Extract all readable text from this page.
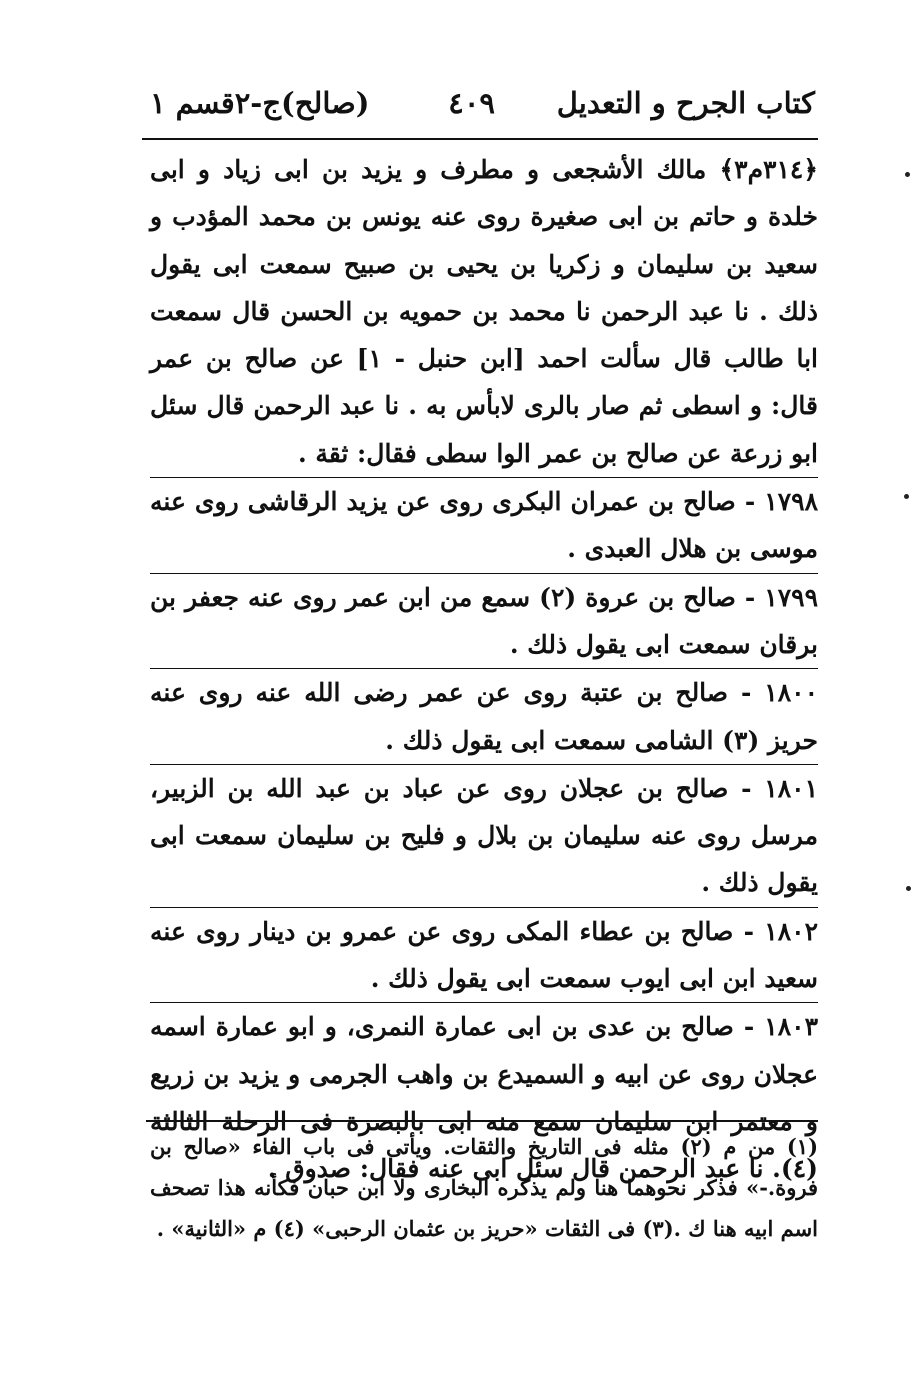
كتاب الجرح و التعديل
٤٠٩
(صالح)ج-٢قسم ١

﴿٣١٤م٣﴾ مالك الأشجعى و مطرف و يزيد بن ابى زياد و ابى خلدة و حاتم بن ابى صغيرة روى عنه يونس بن محمد المؤدب و سعيد بن سليمان و زكريا بن يحيى بن صبيح سمعت ابى يقول ذلك . نا عبد الرحمن نا محمد بن حمويه بن الحسن قال سمعت ابا طالب قال سألت احمد [ابن حنبل - ١] عن صالح بن عمر قال: و اسطى ثم صار بالرى لابأس به . نا عبد الرحمن قال سئل ابو زرعة عن صالح بن عمر الوا سطى فقال: ثقة .

١٧٩٨ - صالح بن عمران البكرى روى عن يزيد الرقاشى روى عنه موسى بن هلال العبدى .

١٧٩٩ - صالح بن عروة (٢) سمع من ابن عمر روى عنه جعفر بن برقان سمعت ابى يقول ذلك .

١٨٠٠ - صالح بن عتبة روى عن عمر رضى الله عنه روى عنه حريز (٣) الشامى سمعت ابى يقول ذلك .

١٨٠١ - صالح بن عجلان روى عن عباد بن عبد الله بن الزبير، مرسل روى عنه سليمان بن بلال و فليح بن سليمان سمعت ابى يقول ذلك .

١٨٠٢ - صالح بن عطاء المكى روى عن عمرو بن دينار روى عنه سعيد ابن ابى ايوب سمعت ابى يقول ذلك .

١٨٠٣ - صالح بن عدى بن ابى عمارة النمرى، و ابو عمارة اسمه عجلان روى عن ابيه و السميدع بن واهب الجرمى و يزيد بن زريع و معتمر ابن سليمان سمع منه ابى بالبصرة فى الرحلة الثالثة (٤). نا عبد الرحمن قال سئل ابى عنه فقال: صدوق .

(١) من م (٢) مثله فى التاريخ والثقات. ويأتى فى باب الفاء «صالح بن فروة.-» فذكر نحوهما هنا ولم يذكره البخارى ولا ابن حبان فكأنه هذا تصحف اسم ابيه هنا ك .(٣) فى الثقات «حريز بن عثمان الرحبى» (٤) م «الثانية» .
